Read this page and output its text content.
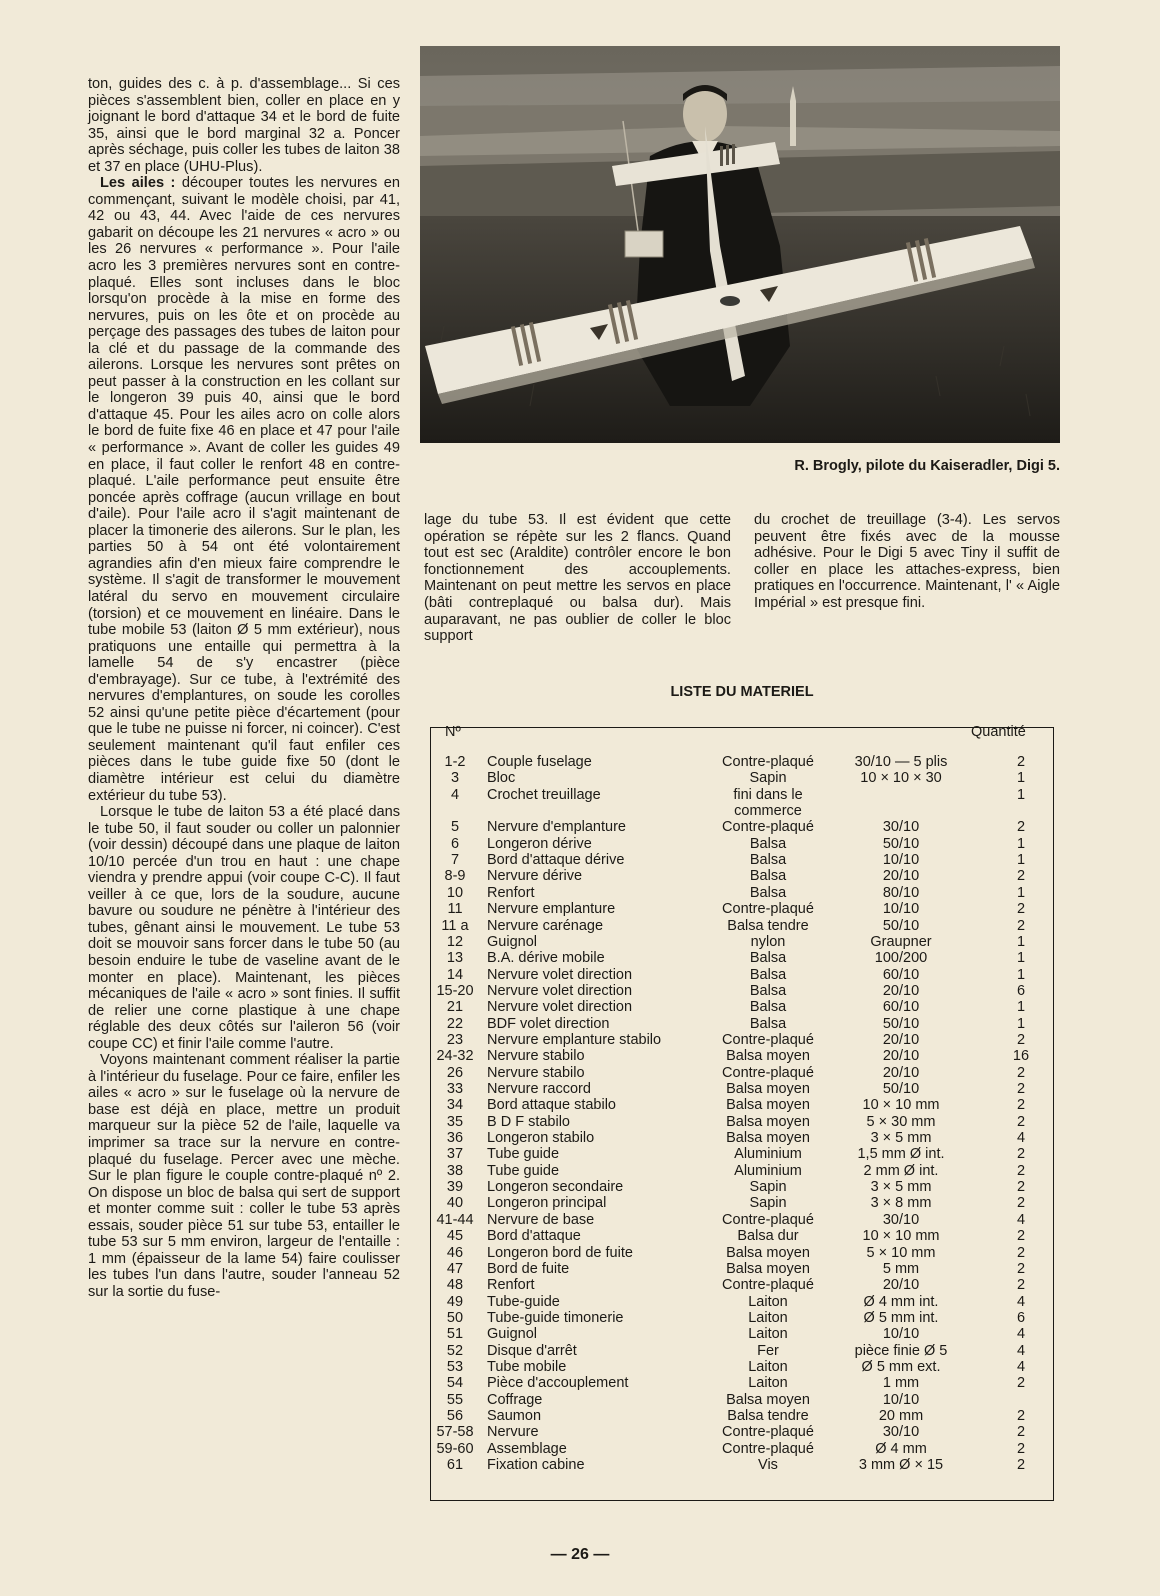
ton, guides des c. à p. d'assemblage... Si ces pièces s'assemblent bien, coller en place en y joignant le bord d'attaque 34 et le bord de fuite 35, ainsi que le bord marginal 32 a. Poncer après séchage, puis coller les tubes de laiton 38 et 37 en place (UHU-Plus).

Les ailes : découper toutes les nervures en commençant, suivant le modèle choisi, par 41, 42 ou 43, 44. Avec l'aide de ces nervures gabarit on découpe les 21 nervures « acro » ou les 26 nervures « performance ». Pour l'aile acro les 3 premières nervures sont en contre-plaqué. Elles sont incluses dans le bloc lorsqu'on procède à la mise en forme des nervures, puis on les ôte et on procède au perçage des passages des tubes de laiton pour la clé et du passage de la commande des ailerons. Lorsque les nervures sont prêtes on peut passer à la construction en les collant sur le longeron 39 puis 40, ainsi que le bord d'attaque 45. Pour les ailes acro on colle alors le bord de fuite fixe 46 en place et 47 pour l'aile « performance ». Avant de coller les guides 49 en place, il faut coller le renfort 48 en contre-plaqué. L'aile performance peut ensuite être poncée après coffrage (aucun vrillage en bout d'aile). Pour l'aile acro il s'agit maintenant de placer la timonerie des ailerons. Sur le plan, les parties 50 à 54 ont été volontairement agrandies afin d'en mieux faire comprendre le système. Il s'agit de transformer le mouvement latéral du servo en mouvement circulaire (torsion) et ce mouvement en linéaire. Dans le tube mobile 53 (laiton Ø 5 mm extérieur), nous pratiquons une entaille qui permettra à la lamelle 54 de s'y encastrer (pièce d'embrayage). Sur ce tube, à l'extrémité des nervures d'emplantures, on soude les corolles 52 ainsi qu'une petite pièce d'écartement (pour que le tube ne puisse ni forcer, ni coincer). C'est seulement maintenant qu'il faut enfiler ces pièces dans le tube guide fixe 50 (dont le diamètre intérieur est celui du diamètre extérieur du tube 53).

Lorsque le tube de laiton 53 a été placé dans le tube 50, il faut souder ou coller un palonnier (voir dessin) découpé dans une plaque de laiton 10/10 percée d'un trou en haut : une chape viendra y prendre appui (voir coupe C-C). Il faut veiller à ce que, lors de la soudure, aucune bavure ou soudure ne pénètre à l'intérieur des tubes, gênant ainsi le mouvement. Le tube 53 doit se mouvoir sans forcer dans le tube 50 (au besoin enduire le tube de vaseline avant de le monter en place). Maintenant, les pièces mécaniques de l'aile « acro » sont finies. Il suffit de relier une corne plastique à une chape réglable des deux côtés sur l'aileron 56 (voir coupe CC) et finir l'aile comme l'autre.

Voyons maintenant comment réaliser la partie à l'intérieur du fuselage. Pour ce faire, enfiler les ailes « acro » sur le fuselage où la nervure de base est déjà en place, mettre un produit marqueur sur la pièce 52 de l'aile, laquelle va imprimer sa trace sur la nervure en contre-plaqué du fuselage. Percer avec une mèche. Sur le plan figure le couple contre-plaqué nº 2. On dispose un bloc de balsa qui sert de support et monter comme suit : coller le tube 53 après essais, souder pièce 51 sur tube 53, entailler le tube 53 sur 5 mm environ, largeur de l'entaille : 1 mm (épaisseur de la lame 54) faire coulisser les tubes l'un dans l'autre, souder l'anneau 52 sur la sortie du fuse-

R. Brogly, pilote du Kaiseradler, Digi 5.

lage du tube 53. Il est évident que cette opération se répète sur les 2 flancs. Quand tout est sec (Araldite) contrôler encore le bon fonctionnement des accouplements. Maintenant on peut mettre les servos en place (bâti contreplaqué ou balsa dur). Mais auparavant, ne pas oublier de coller le bloc support

du crochet de treuillage (3-4). Les servos peuvent être fixés avec de la mousse adhésive. Pour le Digi 5 avec Tiny il suffit de coller en place les attaches-express, bien pratiques en l'occurrence. Maintenant, l' « Aigle Impérial » est presque fini.

LISTE DU MATERIEL
Nº	Quantité
1-2	Couple fuselage	Contre-plaqué	30/10 — 5 plis	2
3	Bloc	Sapin	10 × 10 × 30	1
4	Crochet treuillage	fini dans le	1
commerce
5	Nervure d'emplanture	Contre-plaqué	30/10	2
6	Longeron dérive	Balsa	50/10	1
7	Bord d'attaque dérive	Balsa	10/10	1
8-9	Nervure dérive	Balsa	20/10	2
10	Renfort	Balsa	80/10	1
11	Nervure emplanture	Contre-plaqué	10/10	2
11 a	Nervure carénage	Balsa tendre	50/10	2
12	Guignol	nylon	Graupner	1
13	B.A. dérive mobile	Balsa	100/200	1
14	Nervure volet direction	Balsa	60/10	1
15-20 Nervure volet direction	Balsa	20/10	6
21	Nervure volet direction	Balsa	60/10	1
22	BDF volet direction	Balsa	50/10	1
23	Nervure emplanture stabilo	Contre-plaqué	20/10	2
24-32 Nervure stabilo	Balsa moyen	20/10	16
26	Nervure stabilo	Contre-plaqué	20/10	2
33	Nervure raccord	Balsa moyen	50/10	2
34	Bord attaque stabilo	Balsa moyen	10 × 10 mm	2
35	B D F stabilo	Balsa moyen	5 × 30 mm	2
36	Longeron stabilo	Balsa moyen	3 × 5 mm	4
37	Tube guide	Aluminium	1,5 mm Ø int.	2
38	Tube guide	Aluminium	2 mm Ø int.	2
39	Longeron secondaire	Sapin	3 × 5 mm	2
40	Longeron principal	Sapin	3 × 8 mm	2
41-44 Nervure de base	Contre-plaqué	30/10	4
45	Bord d'attaque	Balsa dur	10 × 10 mm	2
46	Longeron bord de fuite	Balsa moyen	5 × 10 mm	2
47	Bord de fuite	Balsa moyen	5 mm	2
48	Renfort	Contre-plaqué	20/10	2
49	Tube-guide	Laiton	Ø 4 mm int.	4
50	Tube-guide timonerie	Laiton	Ø 5 mm int.	6
51	Guignol	Laiton	10/10	4
52	Disque d'arrêt	Fer	pièce finie Ø 5	4
53	Tube mobile	Laiton	Ø 5 mm ext.	4
54	Pièce d'accouplement	Laiton	1 mm	2
55	Coffrage	Balsa moyen	10/10
56	Saumon	Balsa tendre	20 mm	2
57-58 Nervure	Contre-plaqué	30/10	2
59-60 Assemblage	Contre-plaqué	Ø 4 mm	2
61	Fixation cabine	Vis	3 mm Ø × 15	2
— 26 —
